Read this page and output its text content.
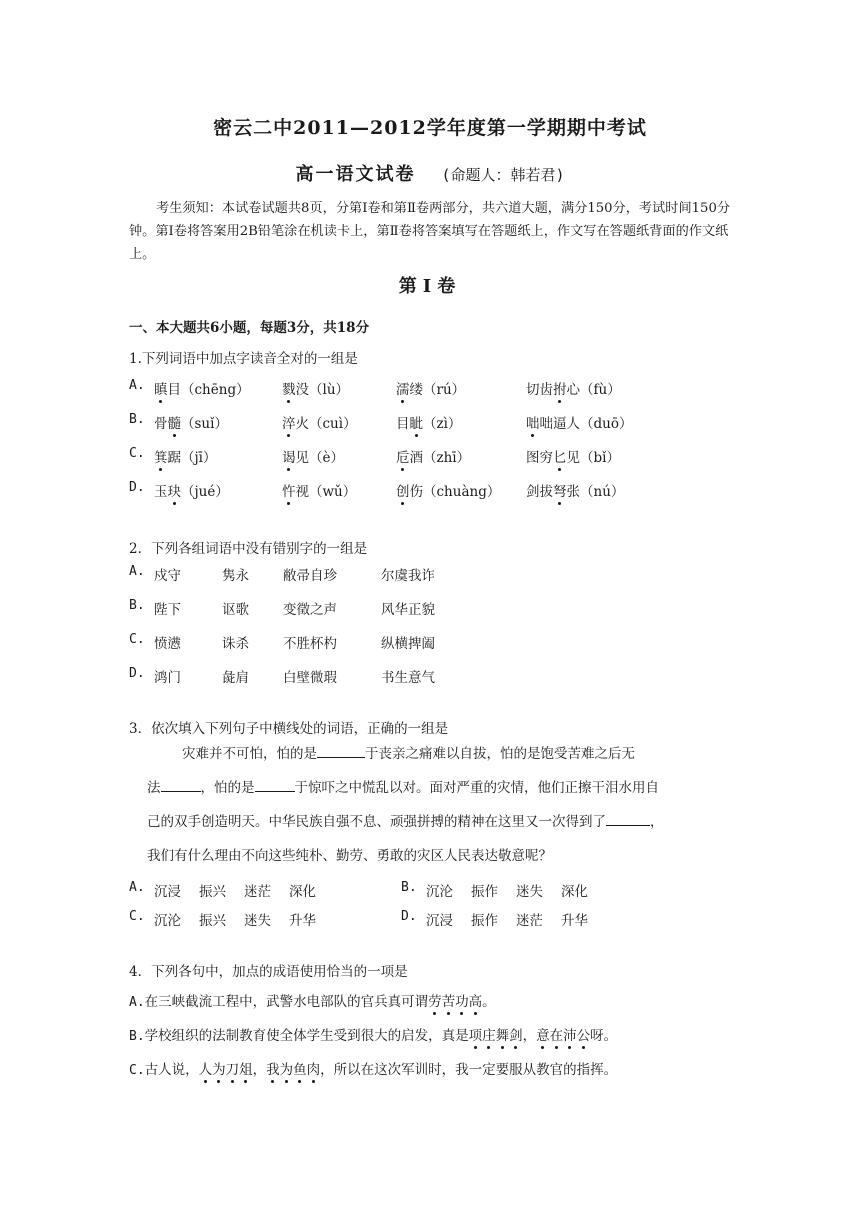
密云二中2011—2012学年度第一学期期中考试
高一语文试卷 (命题人：韩若君)

考生须知：本试卷试题共8页，分第Ⅰ卷和第Ⅱ卷两部分，共六道大题，满分150分，考试时间150分钟。第Ⅰ卷将答案用2B铅笔涂在机读卡上，第Ⅱ卷将答案填写在答题纸上，作文写在答题纸背面的作文纸上。

第Ⅰ卷
一、本大题共6小题，每题3分，共18分
1.下列词语中加点字读音全对的一组是
A. 瞋目（chēng） 戮没（lù）	濡缕（rú）	切齿拊心（fù）
B. 骨髓（suǐ）	淬火（cuì）	目眦（zì）	咄咄逼人（duō）
C. 箕踞（jī）	谒见（è）	卮酒（zhī）	图穷匕见（bǐ）
D. 玉玦（jué）	忤视（wǔ）	创伤（chuàng） 剑拔弩张（nú）
2．下列各组词语中没有错别字的一组是
A. 戍守	隽永	敝帚自珍	尔虞我诈
B. 陛下	讴歌	变徵之声	风华正貌
C. 愤懑	诛杀	不胜杯杓	纵横捭阖
D. 鸿门	彘肩	白壁微瑕	书生意气
3．依次填入下列句子中横线处的词语，正确的一组是
灾难并不可怕，怕的是	于丧亲之痛难以自拔，怕的是饱受苦难之后无
法	，怕的是	于惊吓之中慌乱以对。面对严重的灾情，他们正擦干泪水用自
己的双手创造明天。中华民族自强不息、顽强拼搏的精神在这里又一次得到了	，
我们有什么理由不向这些纯朴、勤劳、勇敢的灾区人民表达敬意呢？
A. 沉浸 振兴 迷茫 深化	B. 沉沦 振作 迷失 深化
C. 沉沦 振兴 迷失 升华	D. 沉浸 振作 迷茫 升华
4．下列各句中，加点的成语使用恰当的一项是
A.在三峡截流工程中，武警水电部队的官兵真可谓劳苦功高。
B.学校组织的法制教育使全体学生受到很大的启发，真是项庄舞剑，意在沛公呀。
C.古人说，人为刀俎，我为鱼肉，所以在这次军训时，我一定要服从教官的指挥。
